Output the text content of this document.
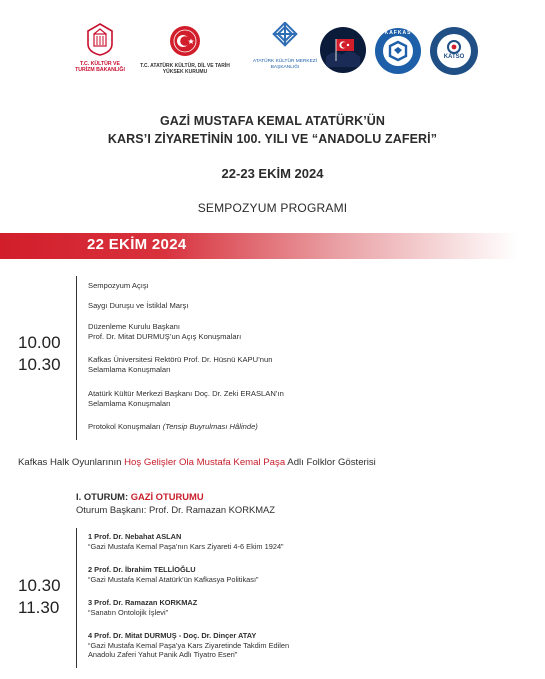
T.C. KÜLTÜR VE TURİZM BAKANLIĞI
T.C. ATATÜRK KÜLTÜR, DİL VE TARİH
YÜKSEK KURUMU
ATATÜRK KÜLTÜR MERKEZİ
BAŞKANLIĞI
KAFKAS
KATSO
GAZİ MUSTAFA KEMAL ATATÜRK’ÜN
KARS’I ZİYARETİNİN 100. YILI VE “ANADOLU ZAFERİ”
22-23 EKİM 2024
SEMPOZYUM PROGRAMI
22 EKİM 2024
10.00
10.30
Sempozyum Açışı
Saygı Duruşu ve İstiklal Marşı
Düzenleme Kurulu Başkanı
Prof. Dr. Mitat DURMUŞ’un Açış Konuşmaları
Kafkas Üniversitesi Rektörü Prof. Dr. Hüsnü KAPU’nun
Selamlama Konuşmaları
Atatürk Kültür Merkezi Başkanı Doç. Dr. Zeki ERASLAN’ın
Selamlama Konuşmaları
Protokol Konuşmaları (Tensip Buyrulması Hâlinde)
Kafkas Halk Oyunlarının Hoş Gelişler Ola Mustafa Kemal Paşa Adlı Folklor Gösterisi
I. OTURUM: GAZİ OTURUMU
Oturum Başkanı: Prof. Dr. Ramazan KORKMAZ
10.30
11.30
1 Prof. Dr. Nebahat ASLAN
“Gazi Mustafa Kemal Paşa’nın Kars Ziyareti 4-6 Ekim 1924”
2 Prof. Dr. İbrahim TELLİOĞLU
“Gazi Mustafa Kemal Atatürk’ün Kafkasya Politikası”
3 Prof. Dr. Ramazan KORKMAZ
“Sanatın Ontolojik İşlevi”
4 Prof. Dr. Mitat DURMUŞ - Doç. Dr. Dinçer ATAY
“Gazi Mustafa Kemal Paşa’ya Kars Ziyaretinde Takdim Edilen
Anadolu Zaferi Yahut Panik Adlı Tiyatro Eseri”
